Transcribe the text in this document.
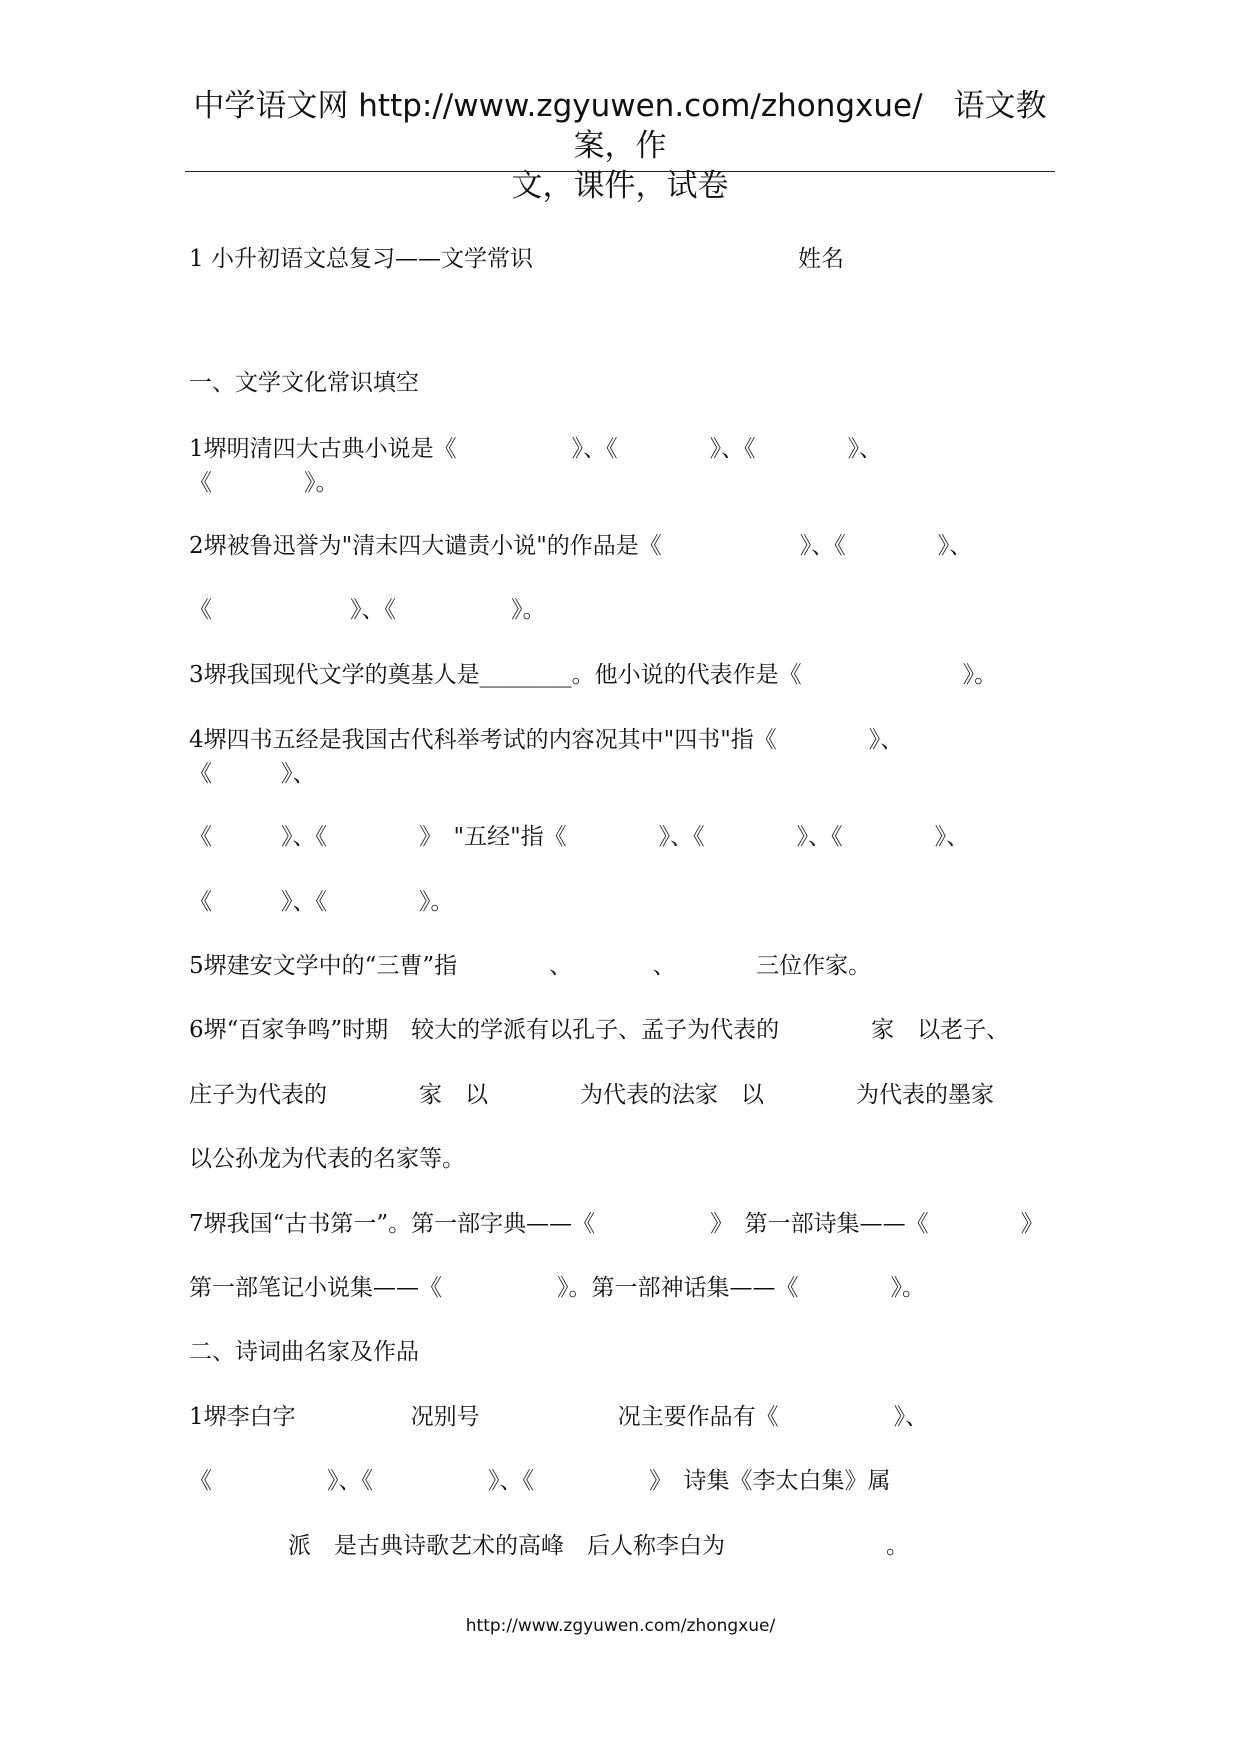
中学语文网 http://www.zgyuwen.com/zhongxue/　语文教案，作
文，课件，试卷
1 小升初语文总复习——文学常识	姓名
一、文学文化常识填空
1堺明清四大古典小说是《　　　　　》、《　　　　》、《　　　　》、
《　　　　》。
2堺被鲁迅誉为"清末四大谴责小说"的作品是《　　　　　　》、《　　　　》、
《　　　　　　》、《　　　　　》。
3堺我国现代文学的奠基人是________。他小说的代表作是《　　　　　　　》。
4堺四书五经是我国古代科举考试的内容况其中"四书"指《　　　　》、
《　　　》、
《　　　》、《　　　　》　"五经"指《　　　　》、《　　　　》、《　　　　》、
《　　　》、《　　　　》。
5堺建安文学中的“三曹”指　　　　、　　　　、　　　　三位作家。
6堺“百家争鸣”时期　较大的学派有以孔子、孟子为代表的　　　　家　以老子、
庄子为代表的　　　　家　以　　　　为代表的法家　以　　　　为代表的墨家
以公孙龙为代表的名家等。
7堺我国“古书第一”。第一部字典——《　　　　　》　第一部诗集——《　　　　》
第一部笔记小说集——《　　　　　》。第一部神话集——《　　　　》。
二、诗词曲名家及作品
1堺李白字　　　　　况别号　　　　　　况主要作品有《　　　　　》、
《　　　　　》、《　　　　　》、《　　　　　》　诗集《李太白集》属
派　是古典诗歌艺术的高峰　后人称李白为　　　　　　　。
http://www.zgyuwen.com/zhongxue/
